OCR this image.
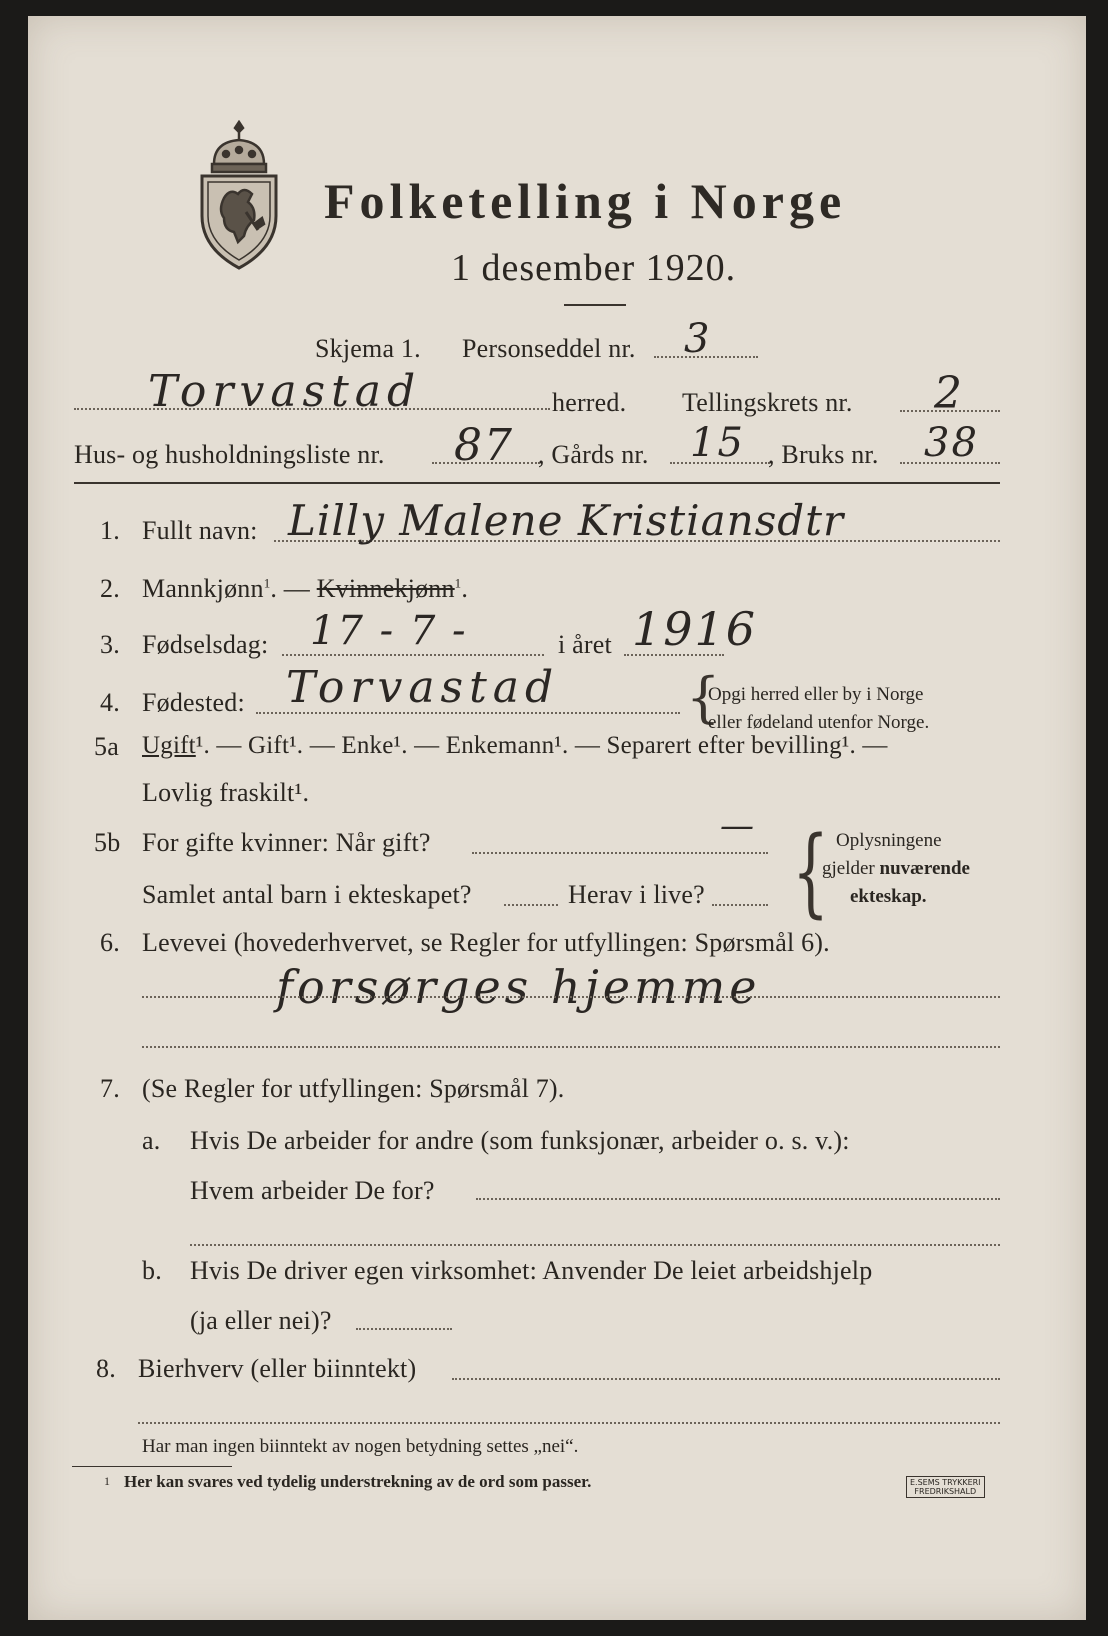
Folketelling i Norge
1 desember 1920.
Skjema 1. Personseddel nr. 3
Torvastad	herred. Tellingskrets nr. 2
Hus- og husholdningsliste nr. 87 , Gårds nr. 15 , Bruks nr. 38
1. Fullt navn: Lilly Malene Kristiansdtr
2. Mannkjønn$^1$. — Kvinnekjønn$^1$.
3. Fødselsdag: 17 - 7 -	i året 1916
4. Fødested: Torvastad {
Opgi herred eller by i Norge
eller fødeland utenfor Norge.
5a Ugift¹. — Gift¹. — Enke¹. — Enkemann¹. — Separert efter bevilling¹. —
Lovlig fraskilt¹.
5b For gifte kvinner: Når gift?	—
Samlet antal barn i ekteskapet?	Herav i live? { Oplysningene
gjelder nuværende
ekteskap.
6. Levevei (hovederhvervet, se Regler for utfyllingen: Spørsmål 6).
forsørges hjemme
7. (Se Regler for utfyllingen: Spørsmål 7).
a. Hvis De arbeider for andre (som funksjonær, arbeider o. s. v.):
Hvem arbeider De for?
b. Hvis De driver egen virksomhet: Anvender De leiet arbeidshjelp
(ja eller nei)?
8. Bierhverv (eller biinntekt)
Har man ingen biinntekt av nogen betydning settes „nei“.
1 Her kan svares ved tydelig understrekning av de ord som passer.	E.SEMS TRYKKERI
FREDRIKSHALD
